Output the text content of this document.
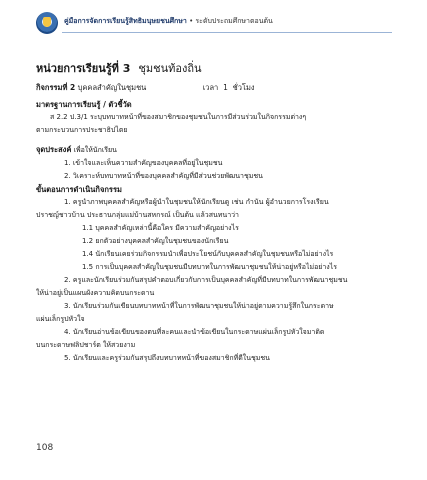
คู่มือการจัดการเรียนรู้สิทธิมนุษยชนศึกษา • ระดับประถมศึกษาตอนต้น
หน่วยการเรียนรู้ที่ 3 ชุมชนท้องถิ่น
กิจกรรมที่ 2 บุคคลสำคัญในชุมชน	เวลา 1 ชั่วโมง
มาตรฐานการเรียนรู้ / ตัวชี้วัด

ส 2.2 ป.3/1 ระบุบทบาทหน้าที่ของสมาชิกของชุมชนในการมีส่วนร่วมในกิจกรรมต่างๆ

ตามกระบวนการประชาธิปไตย

จุดประสงค์ เพื่อให้นักเรียน

1. เข้าใจและเห็นความสำคัญของบุคคลที่อยู่ในชุมชน

2. วิเคราะห์บทบาทหน้าที่ของบุคคลสำคัญที่มีส่วนช่วยพัฒนาชุมชน

ขั้นตอนการดำเนินกิจกรรม

1. ครูนำภาพบุคคลสำคัญหรือผู้นำในชุมชนให้นักเรียนดู เช่น กำนัน ผู้อำนวยการโรงเรียน

ปราชญ์ชาวบ้าน ประธานกลุ่มแม่บ้านสหกรณ์ เป็นต้น แล้วสนทนาว่า

1.1 บุคคลสำคัญเหล่านี้คือใคร มีความสำคัญอย่างไร

1.2 ยกตัวอย่างบุคคลสำคัญในชุมชนของนักเรียน

1.4 นักเรียนเคยร่วมกิจกรรมนำเพื่อประโยชน์กับบุคคลสำคัญในชุมชนหรือไม่อย่างไร

1.5 การเป็นบุคคลสำคัญในชุมชนมีบทบาทในการพัฒนาชุมชนให้น่าอยู่หรือไม่อย่างไร

2. ครูและนักเรียนร่วมกันสรุปคำตอบเกี่ยวกับการเป็นบุคคลสำคัญที่มีบทบาทในการพัฒนาชุมชน

ให้น่าอยู่เป็นแผนผังความคิดบนกระดาน

3. นักเรียนร่วมกันเขียนบทบาทหน้าที่ในการพัฒนาชุมชนให้น่าอยู่ตามความรู้สึกในกระดาษ

แผ่นเล็กรูปหัวใจ

4. นักเรียนอ่านข้อเขียนของตนที่ละคนและนำข้อเขียนในกระดาษแผ่นเล็กรูปหัวใจมาติด

บนกระดาษฟลิปชาร์ต ให้สวยงาม

5. นักเรียนและครูร่วมกันสรุปถึงบทบาทหน้าที่ของสมาชิกที่ดีในชุมชน

108
